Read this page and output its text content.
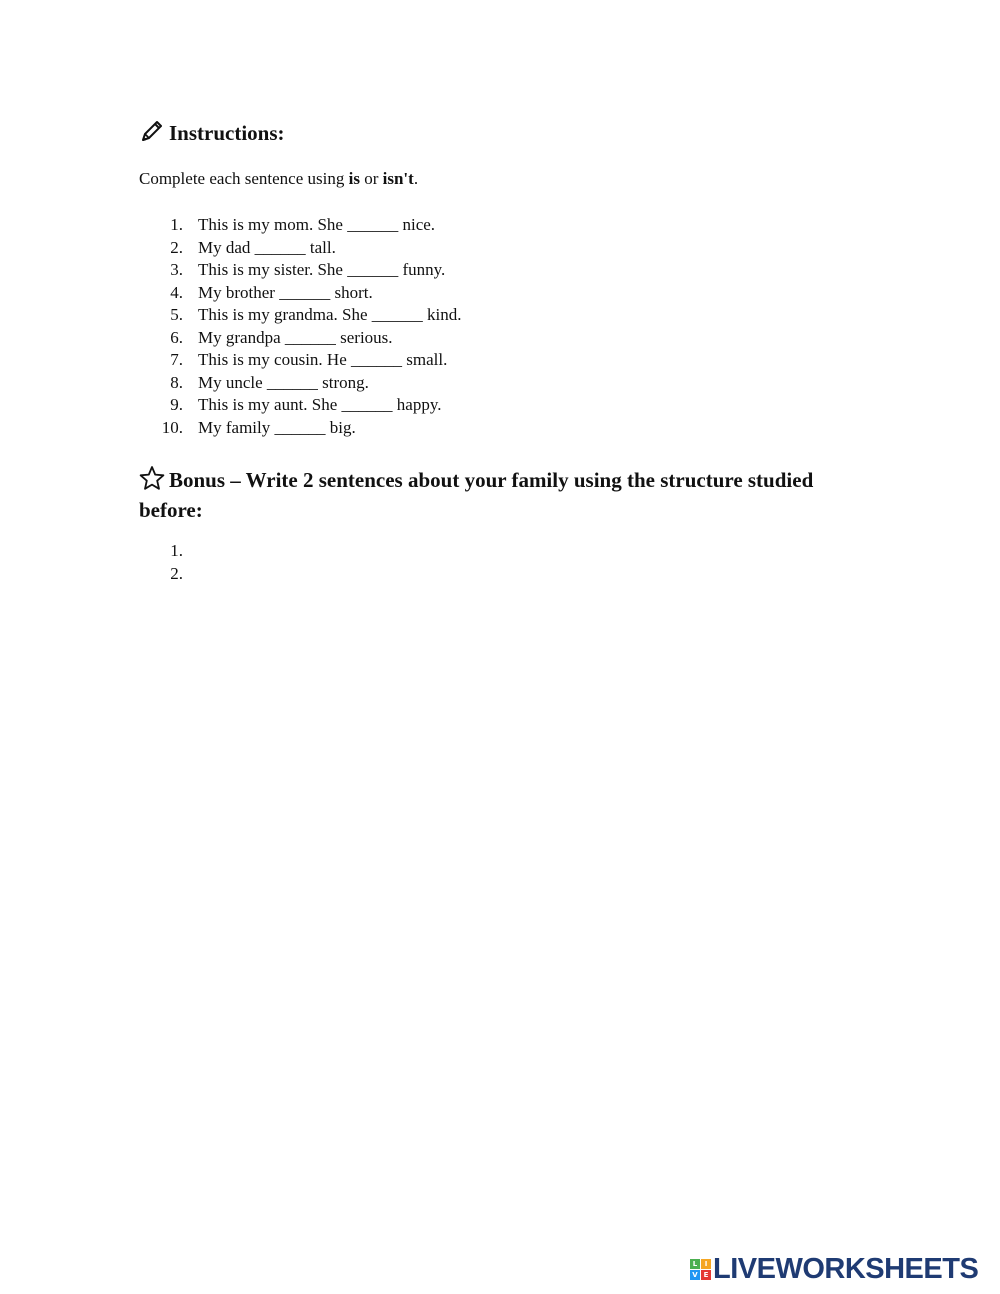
Instructions:
Complete each sentence using is or isn't.
1. This is my mom. She ______ nice.
2. My dad ______ tall.
3. This is my sister. She ______ funny.
4. My brother ______ short.
5. This is my grandma. She ______ kind.
6. My grandpa ______ serious.
7. This is my cousin. He ______ small.
8. My uncle ______ strong.
9. This is my aunt. She ______ happy.
10. My family ______ big.
Bonus – Write 2 sentences about your family using the structure studied before:
1.
2.
L	I
V E LIVEWORKSHEETS
